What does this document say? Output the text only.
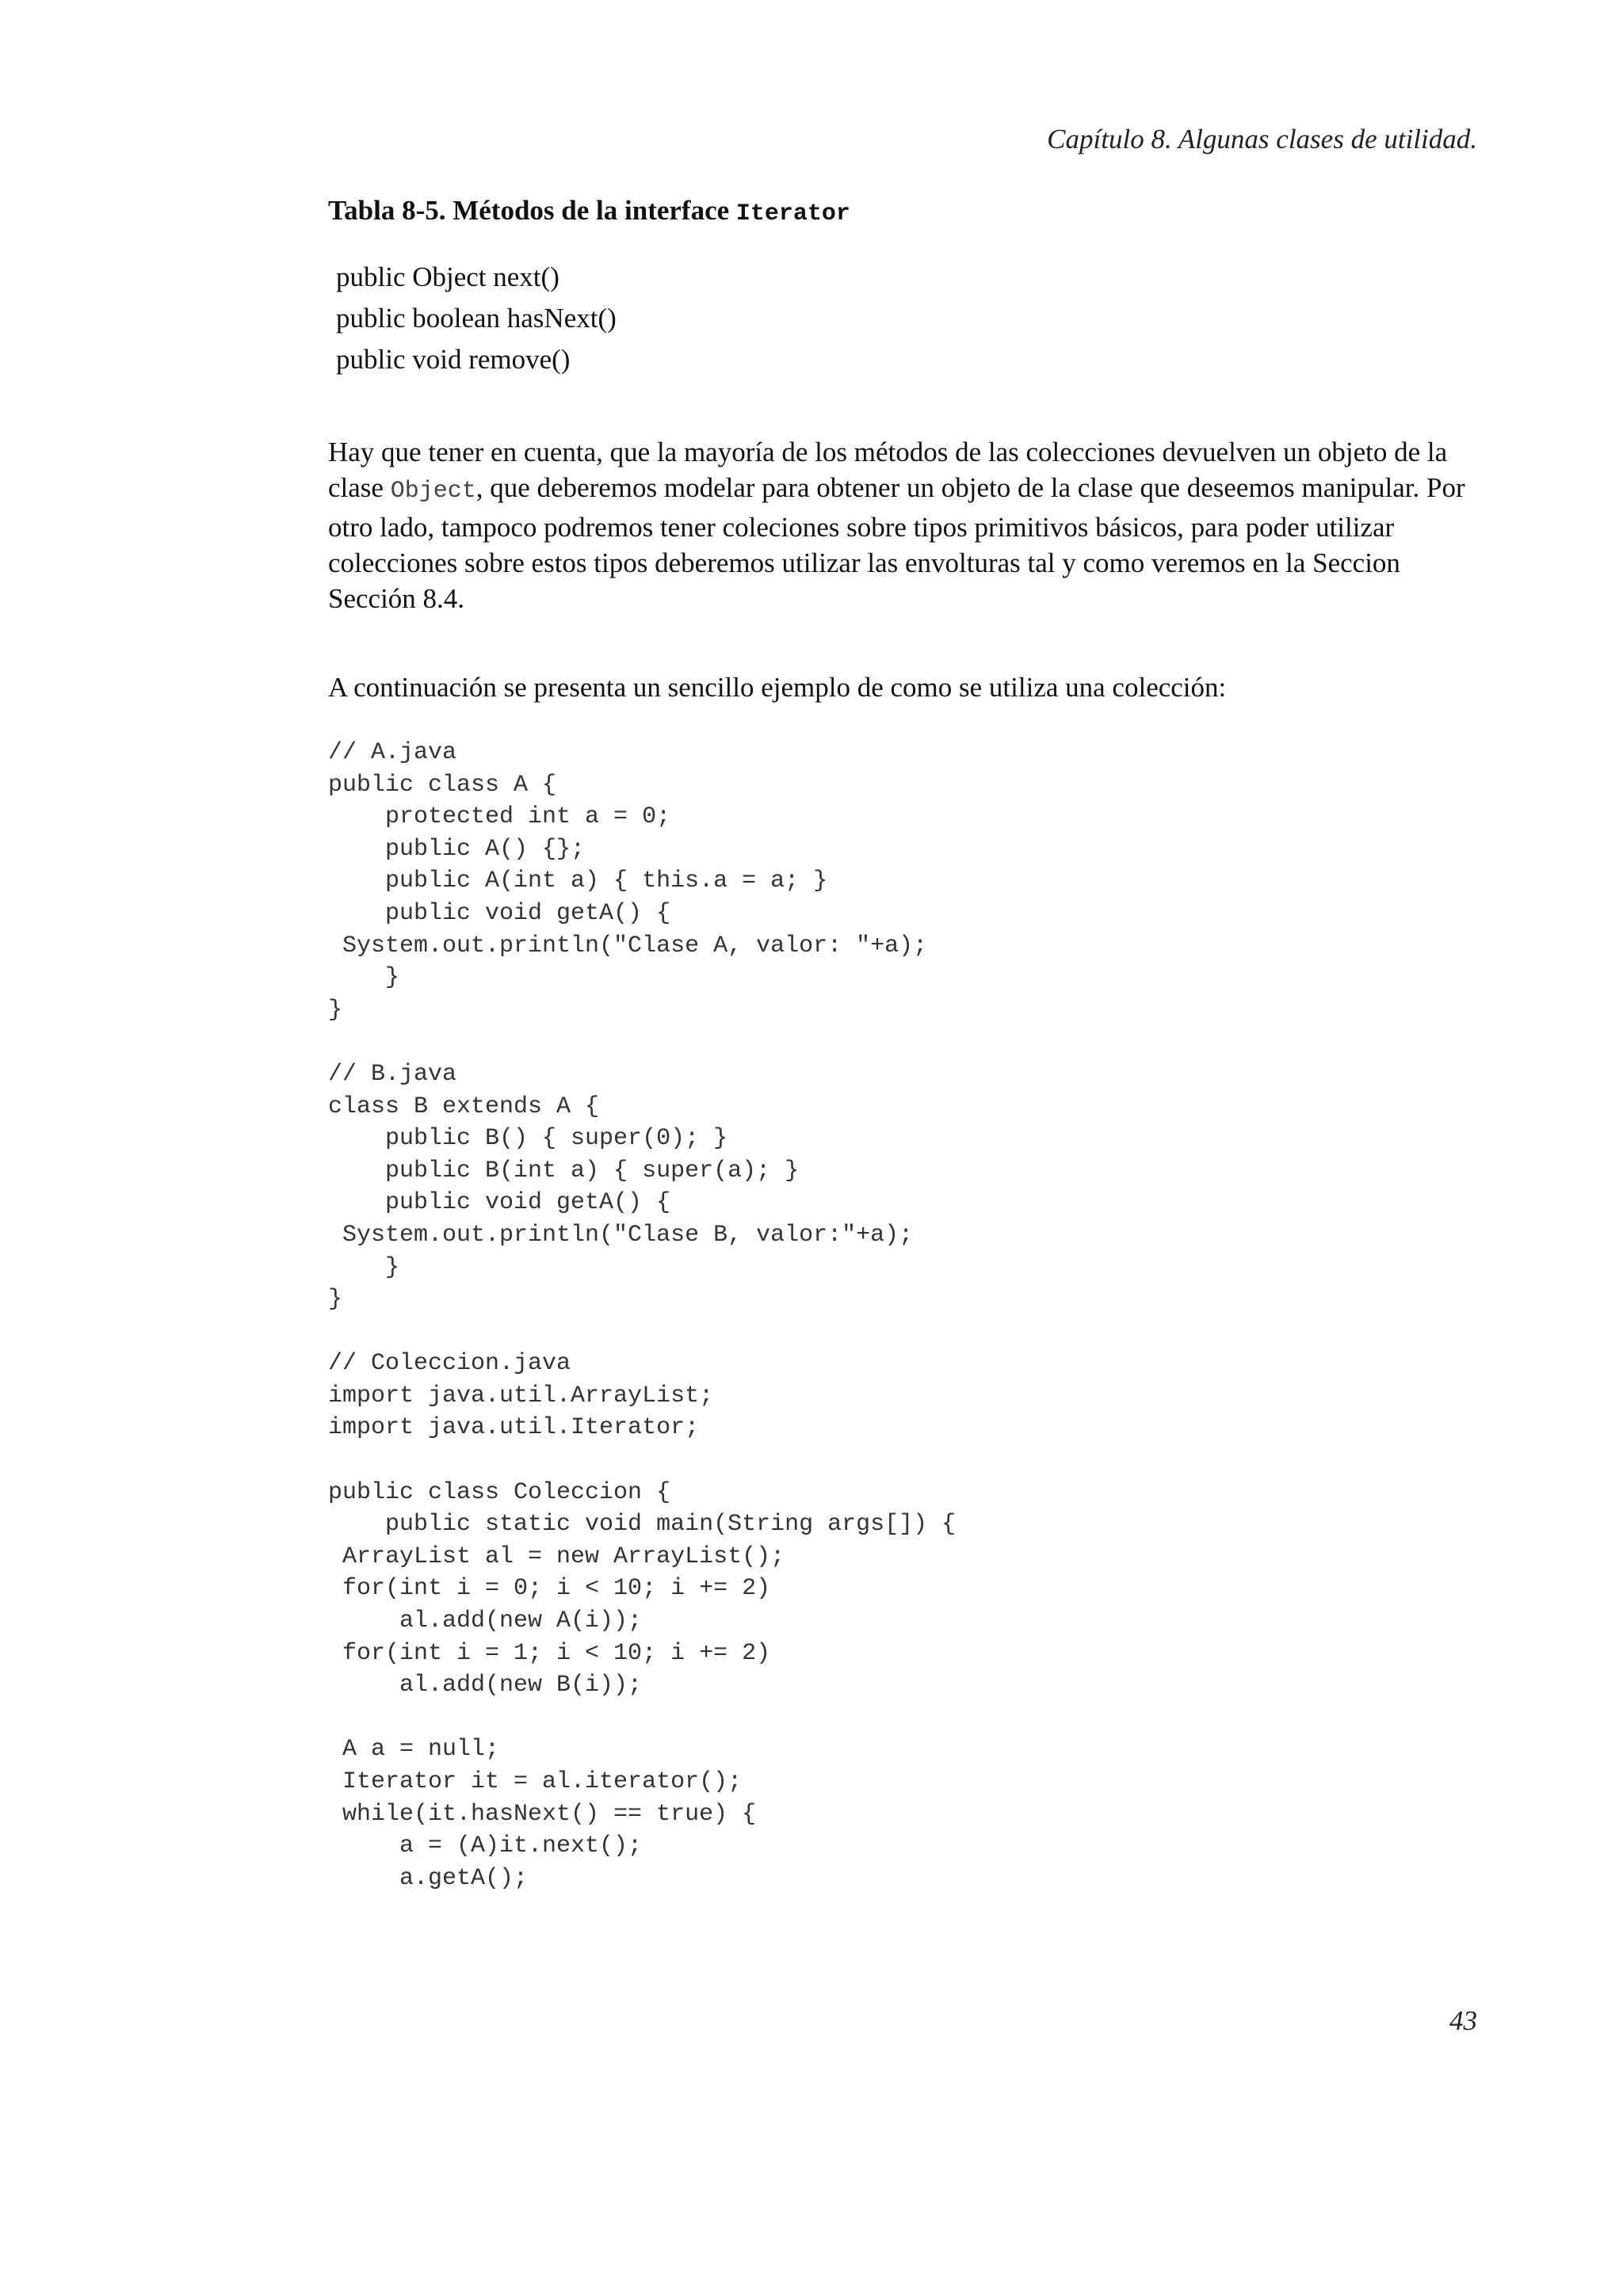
Capítulo 8. Algunas clases de utilidad.
Tabla 8-5. Métodos de la interface Iterator
public Object next()
public boolean hasNext()
public void remove()
Hay que tener en cuenta, que la mayoría de los métodos de las colecciones devuelven un objeto de la clase Object, que deberemos modelar para obtener un objeto de la clase que deseemos manipular. Por otro lado, tampoco podremos tener coleciones sobre tipos primitivos básicos, para poder utilizar colecciones sobre estos tipos deberemos utilizar las envolturas tal y como veremos en la Seccion Sección 8.4.
A continuación se presenta un sencillo ejemplo de como se utiliza una colección:
// A.java
public class A {
protected int a = 0;
public A() {};
public A(int a) { this.a = a; }
public void getA() {
System.out.println("Clase A, valor: "+a);
}
}

// B.java
class B extends A {
public B() { super(0); }
public B(int a) { super(a); }
public void getA() {
System.out.println("Clase B, valor:"+a);
}
}

// Coleccion.java
import java.util.ArrayList;
import java.util.Iterator;

public class Coleccion {
public static void main(String args[]) {
ArrayList al = new ArrayList();
for(int i = 0; i < 10; i += 2)
al.add(new A(i));
for(int i = 1; i < 10; i += 2)
al.add(new B(i));

A a = null;
Iterator it = al.iterator();
while(it.hasNext() == true) {
a = (A)it.next();
a.getA();
43
